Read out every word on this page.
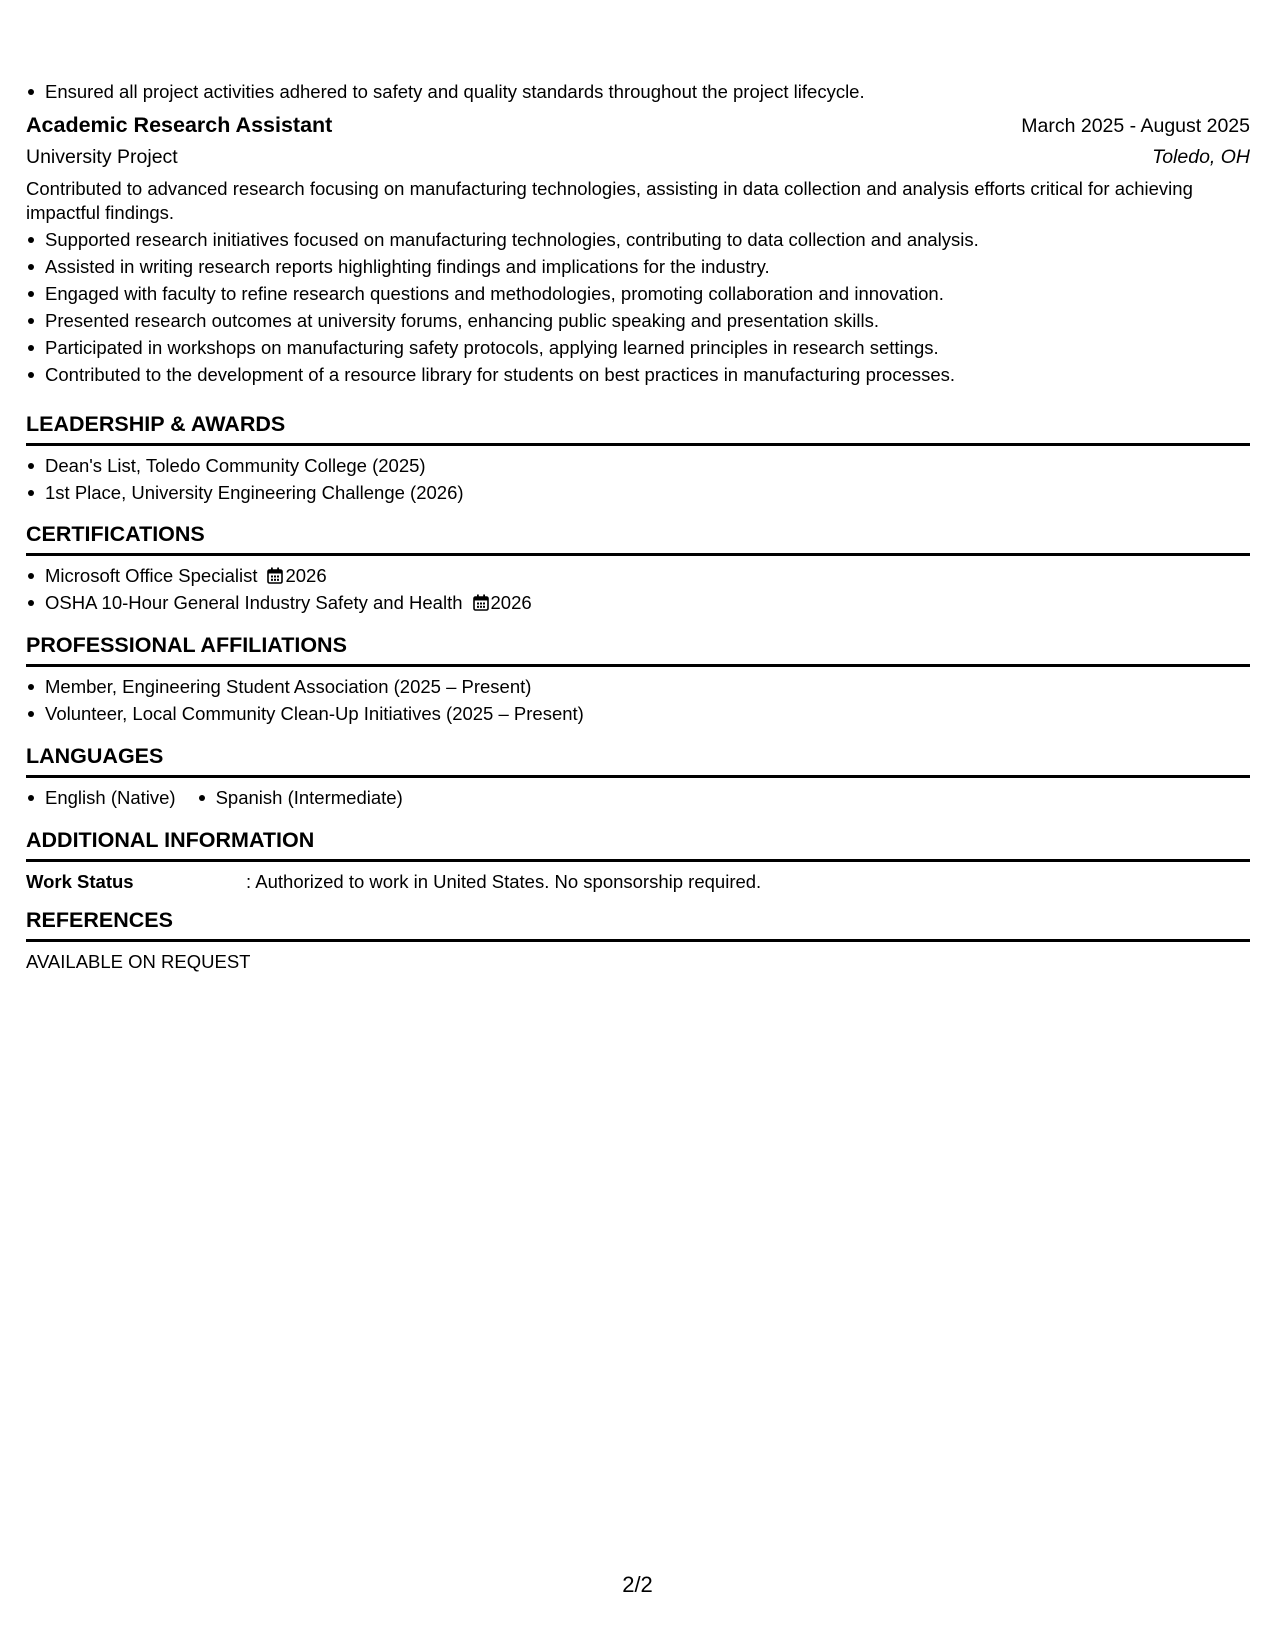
Ensured all project activities adhered to safety and quality standards throughout the project lifecycle.
Academic Research Assistant	March 2025 - August 2025
University Project	Toledo, OH
Contributed to advanced research focusing on manufacturing technologies, assisting in data collection and analysis efforts critical for achieving impactful findings.
Supported research initiatives focused on manufacturing technologies, contributing to data collection and analysis.
Assisted in writing research reports highlighting findings and implications for the industry.
Engaged with faculty to refine research questions and methodologies, promoting collaboration and innovation.
Presented research outcomes at university forums, enhancing public speaking and presentation skills.
Participated in workshops on manufacturing safety protocols, applying learned principles in research settings.
Contributed to the development of a resource library for students on best practices in manufacturing processes.
LEADERSHIP & AWARDS
Dean's List, Toledo Community College (2025)
1st Place, University Engineering Challenge (2026)
CERTIFICATIONS
Microsoft Office Specialist 2026
OSHA 10-Hour General Industry Safety and Health 2026
PROFESSIONAL AFFILIATIONS
Member, Engineering Student Association (2025 – Present)
Volunteer, Local Community Clean-Up Initiatives (2025 – Present)
LANGUAGES
English (Native)	Spanish (Intermediate)
ADDITIONAL INFORMATION
Work Status	: Authorized to work in United States. No sponsorship required.
REFERENCES
AVAILABLE ON REQUEST
2/2
